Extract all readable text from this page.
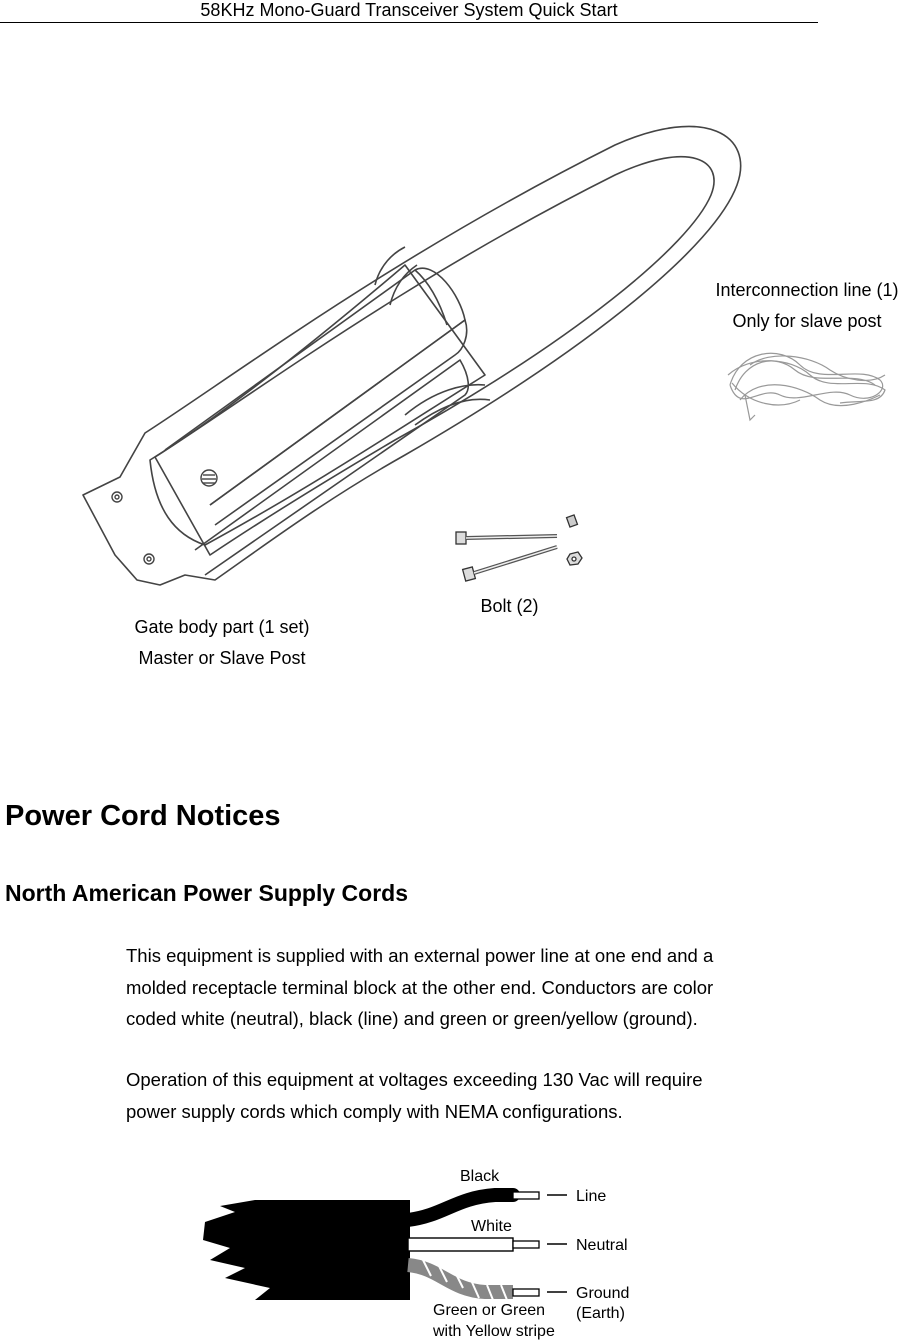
58KHz Mono-Guard Transceiver System Quick Start
Interconnection line (1)
Only for slave post
Bolt (2)
Gate body part (1 set)
Master or Slave Post
Power Cord Notices
North American Power Supply Cords

This equipment is supplied with an external power line at one end and a

molded receptacle terminal block at the other end. Conductors are color

coded white (neutral), black (line) and green or green/yellow (ground).

Operation of this equipment at voltages exceeding 130 Vac will require

power supply cords which comply with NEMA configurations.

Black
Line
White
Neutral
Ground
(Earth)
Green or Green
with Yellow stripe
